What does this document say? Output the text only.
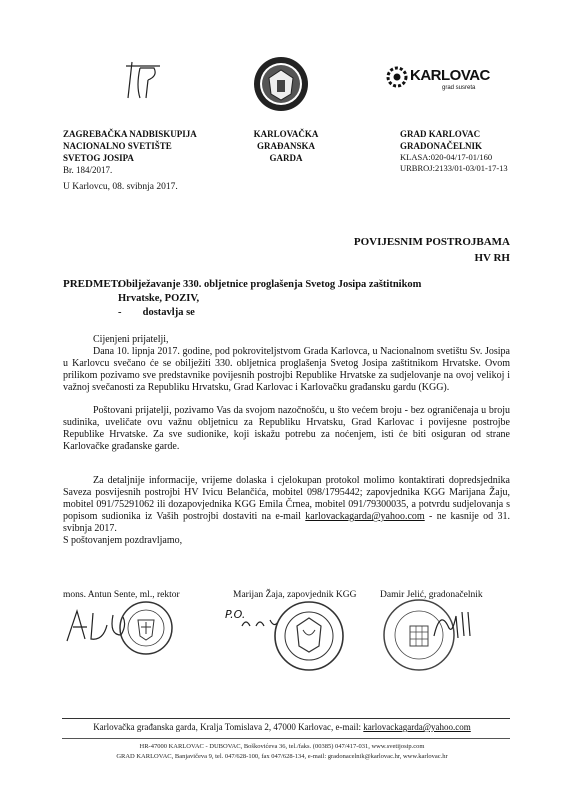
KARLOVAC
grad susreta
ZAGREBAČKA NADBISKUPIJA
NACIONALNO SVETIŠTE
SVETOG JOSIPA
Br. 184/2017.
KARLOVAČKA GRAĐANSKA
GARDA
GRAD KARLOVAC
GRADONAČELNIK
KLASA:020-04/17-01/160
URBROJ:2133/01-03/01-17-13
U Karlovcu, 08. svibnja 2017.
POVIJESNIM POSTROJBAMA
HV RH
PREDMET:
Obilježavanje 330. obljetnice proglašenja Svetog Josipa zaštitnikom
Hrvatske, POZIV,
- dostavlja se
Cijenjeni prijatelji,
Dana 10. lipnja 2017. godine, pod pokroviteljstvom Grada Karlovca, u Nacionalnom svetištu Sv. Josipa u Karlovcu svečano će se obilježiti 330. obljetnica proglašenja Svetog Josipa zaštitnikom Hrvatske. Ovom prilikom pozivamo sve predstavnike povijesnih postrojbi Republike Hrvatske za sudjelovanje na ovoj velikoj i važnoj svečanosti za Republiku Hrvatsku, Grad Karlovac i Karlovačku građansku gardu (KGG).
Poštovani prijatelji, pozivamo Vas da svojom nazočnošću, u što većem broju - bez ograničenaja u broju sudinika, uveličate ovu važnu obljetnicu za Republiku Hrvatsku, Grad Karlovac i povijesne postrojbe Republike Hrvatske. Za sve sudionike, koji iskažu potrebu za noćenjem, isti će biti osiguran od strane Karlovačke građanske garde.
Za detaljnije informacije, vrijeme dolaska i cjelokupan protokol molimo kontaktirati dopredsjednika Saveza posvijesnih postrojbi HV Ivicu Belančića, mobitel 098/1795442; zapovjednika KGG Marijana Žaju, mobitel 091/75291062 ili dozapovjednika KGG Emila Črnea, mobitel 091/79300035, a potvrdu sudjelovanja s popisom sudionika iz Vaših postrojbi dostaviti na e-mail karlovackagarda@yahoo.com - ne kasnije od 31. svibnja 2017.
S poštovanjem pozdravljamo,
mons. Antun Sente, ml., rektor	Marijan Žaja, zapovjednik KGG Damir Jelić, gradonačelnik
P.O.
Karlovačka građanska garda, Kralja Tomislava 2, 47000 Karlovac, e-mail: karlovackagarda@yahoo.com
HR-47000 KARLOVAC - DUBOVAC, Boškovićeva 36, tel./faks. (00385) 047/417-031, www.svetijosip.com
GRAD KARLOVAC, Banjavičeva 9, tel. 047/628-100, fax 047/628-134, e-mail: gradonacelnik@karlovac.hr, www.karlovac.hr
